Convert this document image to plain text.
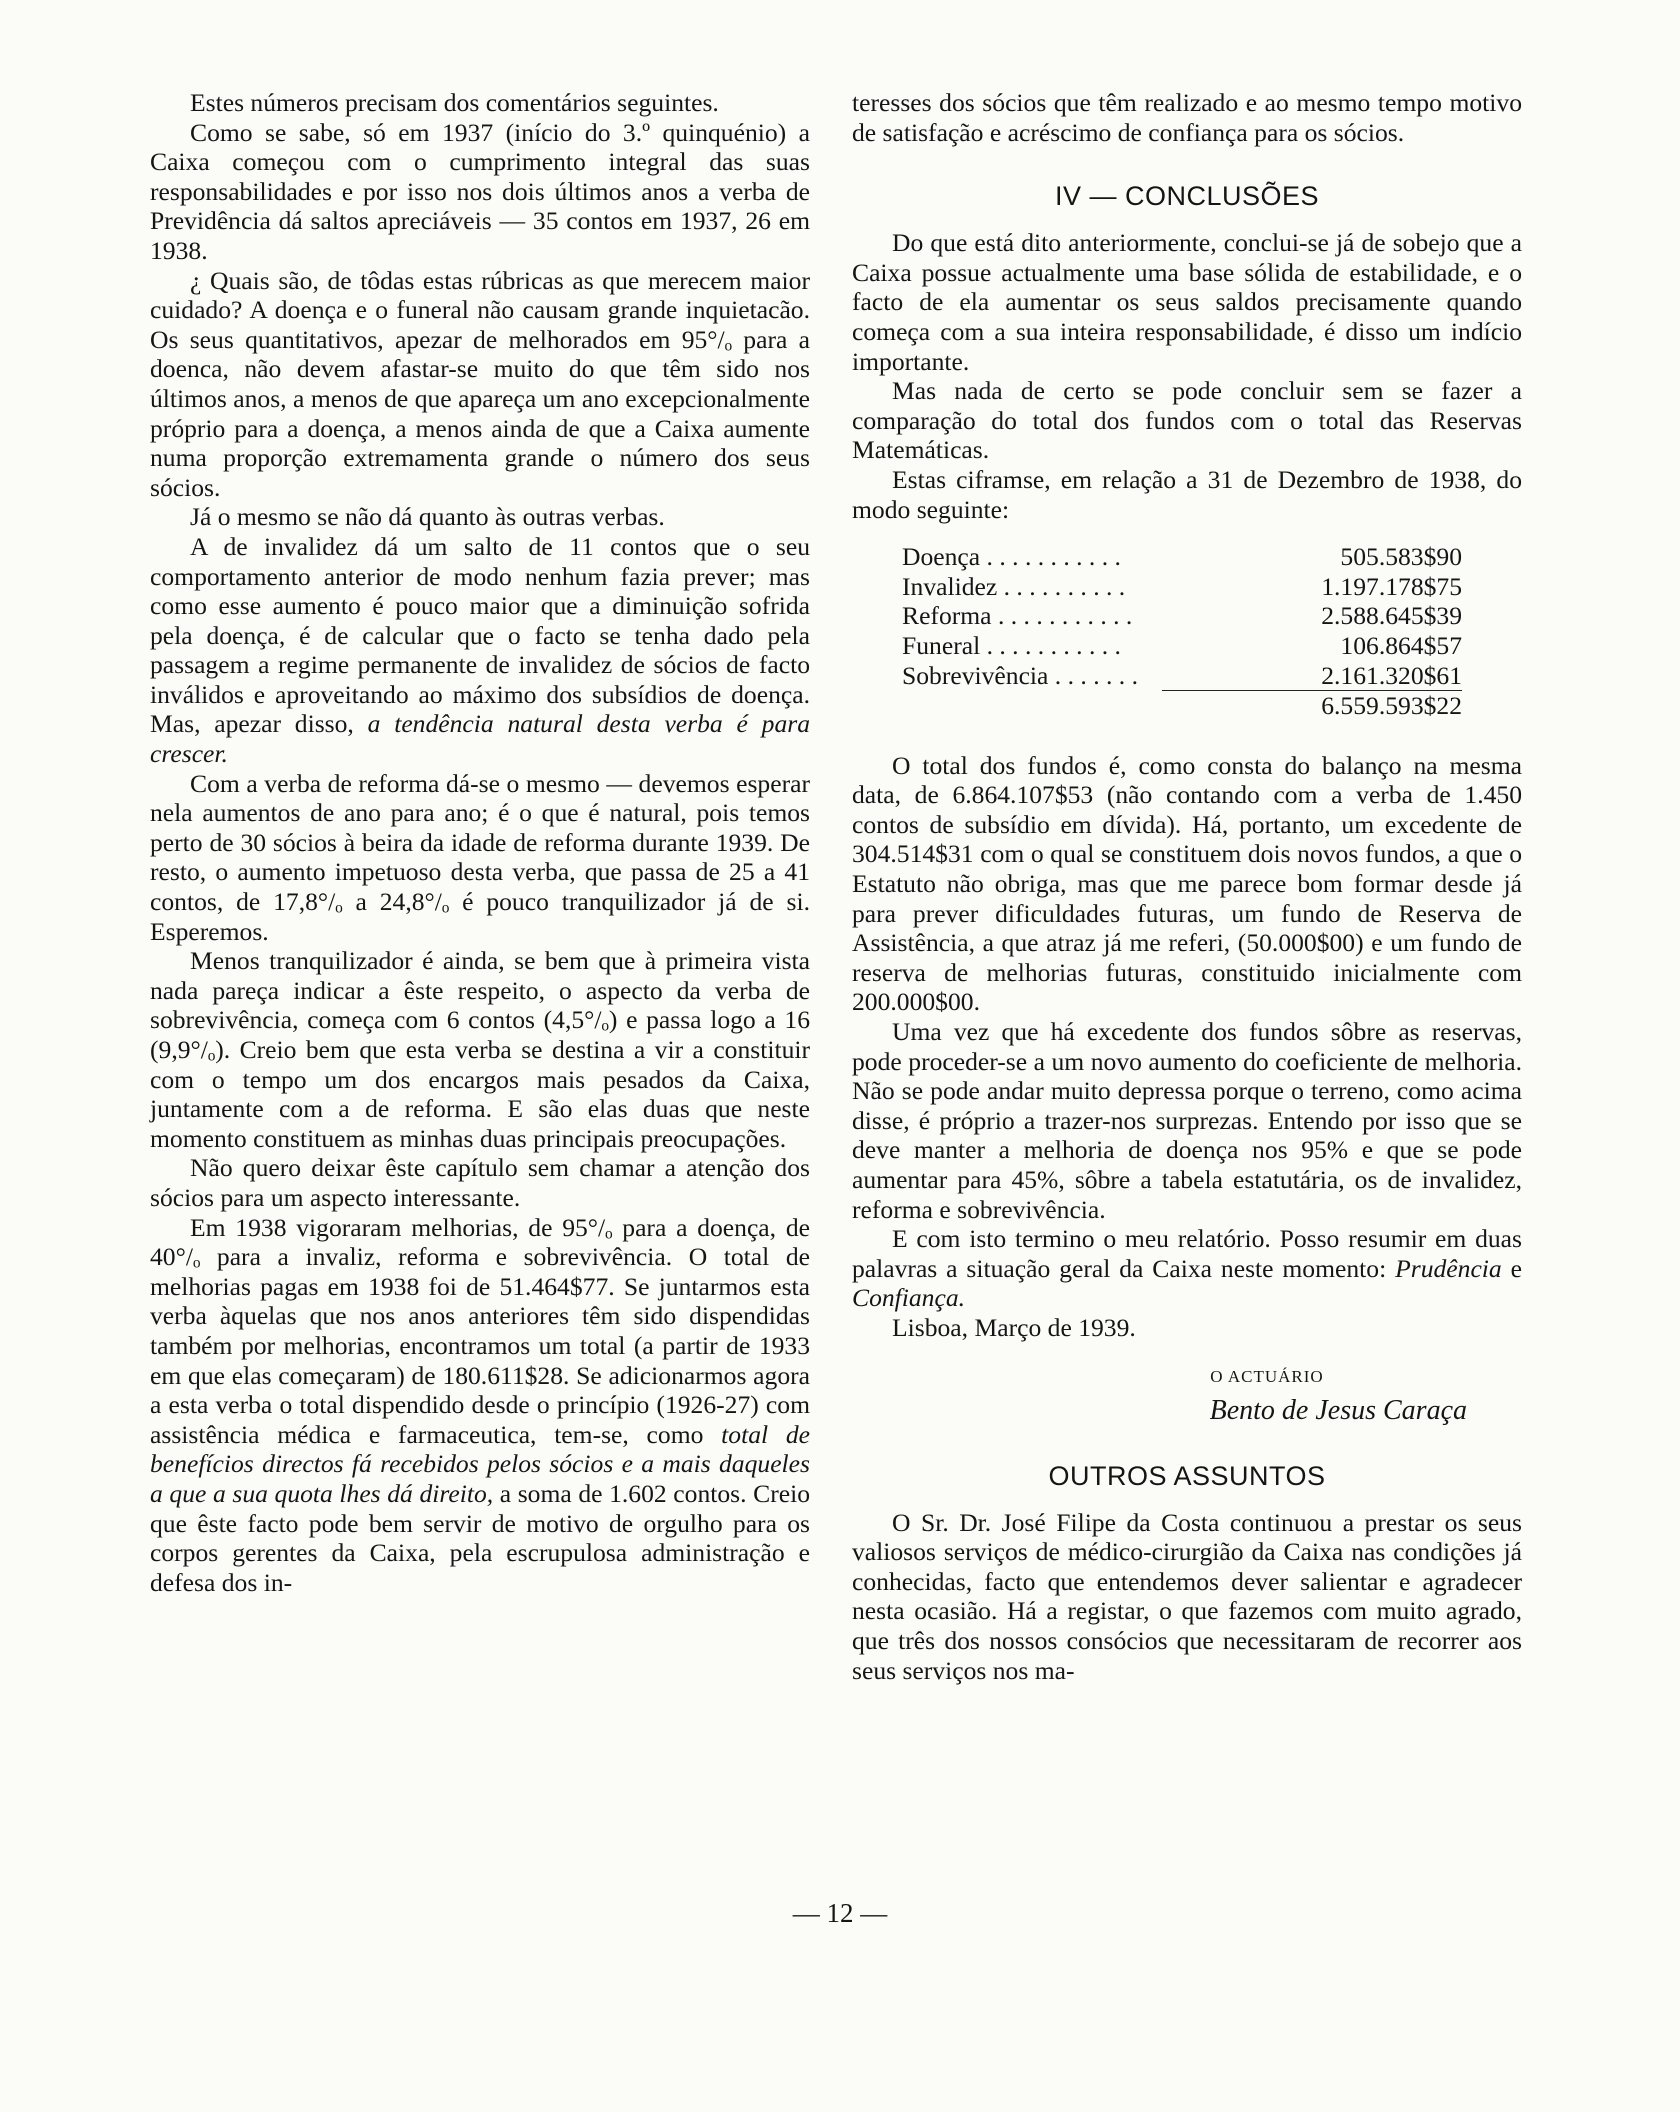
Estes números precisam dos comentários seguintes.

Como se sabe, só em 1937 (início do 3.º quinquénio) a Caixa começou com o cumprimento integral das suas responsabilidades e por isso nos dois últimos anos a verba de Previdência dá saltos apreciáveis — 35 contos em 1937, 26 em 1938.

¿ Quais são, de tôdas estas rúbricas as que merecem maior cuidado? A doença e o funeral não causam grande inquietacão. Os seus quantitativos, apezar de melhorados em 95°/ₒ para a doenca, não devem afastar-se muito do que têm sido nos últimos anos, a menos de que apareça um ano excepcionalmente próprio para a doença, a menos ainda de que a Caixa aumente numa proporção extremamenta grande o número dos seus sócios.

Já o mesmo se não dá quanto às outras verbas.

A de invalidez dá um salto de 11 contos que o seu comportamento anterior de modo nenhum fazia prever; mas como esse aumento é pouco maior que a diminuição sofrida pela doença, é de calcular que o facto se tenha dado pela passagem a regime permanente de invalidez de sócios de facto inválidos e aproveitando ao máximo dos subsídios de doença. Mas, apezar disso, a tendência natural desta verba é para crescer.

Com a verba de reforma dá-se o mesmo — devemos esperar nela aumentos de ano para ano; é o que é natural, pois temos perto de 30 sócios à beira da idade de reforma durante 1939. De resto, o aumento impetuoso desta verba, que passa de 25 a 41 contos, de 17,8°/ₒ a 24,8°/ₒ é pouco tranquilizador já de si. Esperemos.

Menos tranquilizador é ainda, se bem que à primeira vista nada pareça indicar a êste respeito, o aspecto da verba de sobrevivência, começa com 6 contos (4,5°/ₒ) e passa logo a 16 (9,9°/ₒ). Creio bem que esta verba se destina a vir a constituir com o tempo um dos encargos mais pesados da Caixa, juntamente com a de reforma. E são elas duas que neste momento constituem as minhas duas principais preocupações.

Não quero deixar êste capítulo sem chamar a atenção dos sócios para um aspecto interessante.

Em 1938 vigoraram melhorias, de 95°/ₒ para a doença, de 40°/ₒ para a invaliz, reforma e sobrevivência. O total de melhorias pagas em 1938 foi de 51.464$77. Se juntarmos esta verba àquelas que nos anos anteriores têm sido dispendidas também por melhorias, encontramos um total (a partir de 1933 em que elas começaram) de 180.611$28. Se adicionarmos agora a esta verba o total dispendido desde o princípio (1926-27) com assistência médica e farmaceutica, tem-se, como total de benefícios directos fá recebidos pelos sócios e a mais daqueles a que a sua quota lhes dá direito, a soma de 1.602 contos. Creio que êste facto pode bem servir de motivo de orgulho para os corpos gerentes da Caixa, pela escrupulosa administração e defesa dos in-

teresses dos sócios que têm realizado e ao mesmo tempo motivo de satisfação e acréscimo de confiança para os sócios.

IV — CONCLUSÕES

Do que está dito anteriormente, conclui-se já de sobejo que a Caixa possue actualmente uma base sólida de estabilidade, e o facto de ela aumentar os seus saldos precisamente quando começa com a sua inteira responsabilidade, é disso um indício importante.

Mas nada de certo se pode concluir sem se fazer a comparação do total dos fundos com o total das Reservas Matemáticas.

Estas ciframse, em relação a 31 de Dezembro de 1938, do modo seguinte:

Doença . . . . . . . . . . .	505.583$90
Invalidez . . . . . . . . . .	1.197.178$75
Reforma . . . . . . . . . . .	2.588.645$39
Funeral . . . . . . . . . . .	106.864$57
Sobrevivência . . . . . . .	2.161.320$61
	6.559.593$22

O total dos fundos é, como consta do balanço na mesma data, de 6.864.107$53 (não contando com a verba de 1.450 contos de subsídio em dívida). Há, portanto, um excedente de 304.514$31 com o qual se constituem dois novos fundos, a que o Estatuto não obriga, mas que me parece bom formar desde já para prever dificuldades futuras, um fundo de Reserva de Assistência, a que atraz já me referi, (50.000$00) e um fundo de reserva de melhorias futuras, constituido inicialmente com 200.000$00.

Uma vez que há excedente dos fundos sôbre as reservas, pode proceder-se a um novo aumento do coeficiente de melhoria. Não se pode andar muito depressa porque o terreno, como acima disse, é próprio a trazer-nos surprezas. Entendo por isso que se deve manter a melhoria de doença nos 95% e que se pode aumentar para 45%, sôbre a tabela estatutária, os de invalidez, reforma e sobrevivência.

E com isto termino o meu relatório. Posso resumir em duas palavras a situação geral da Caixa neste momento: Prudência e Confiança.

Lisboa, Março de 1939.

O ACTUÁRIO

Bento de Jesus Caraça

OUTROS ASSUNTOS

O Sr. Dr. José Filipe da Costa continuou a prestar os seus valiosos serviços de médico-cirurgião da Caixa nas condições já conhecidas, facto que entendemos dever salientar e agradecer nesta ocasião. Há a registar, o que fazemos com muito agrado, que três dos nossos consócios que necessitaram de recorrer aos seus serviços nos ma-

— 12 —
